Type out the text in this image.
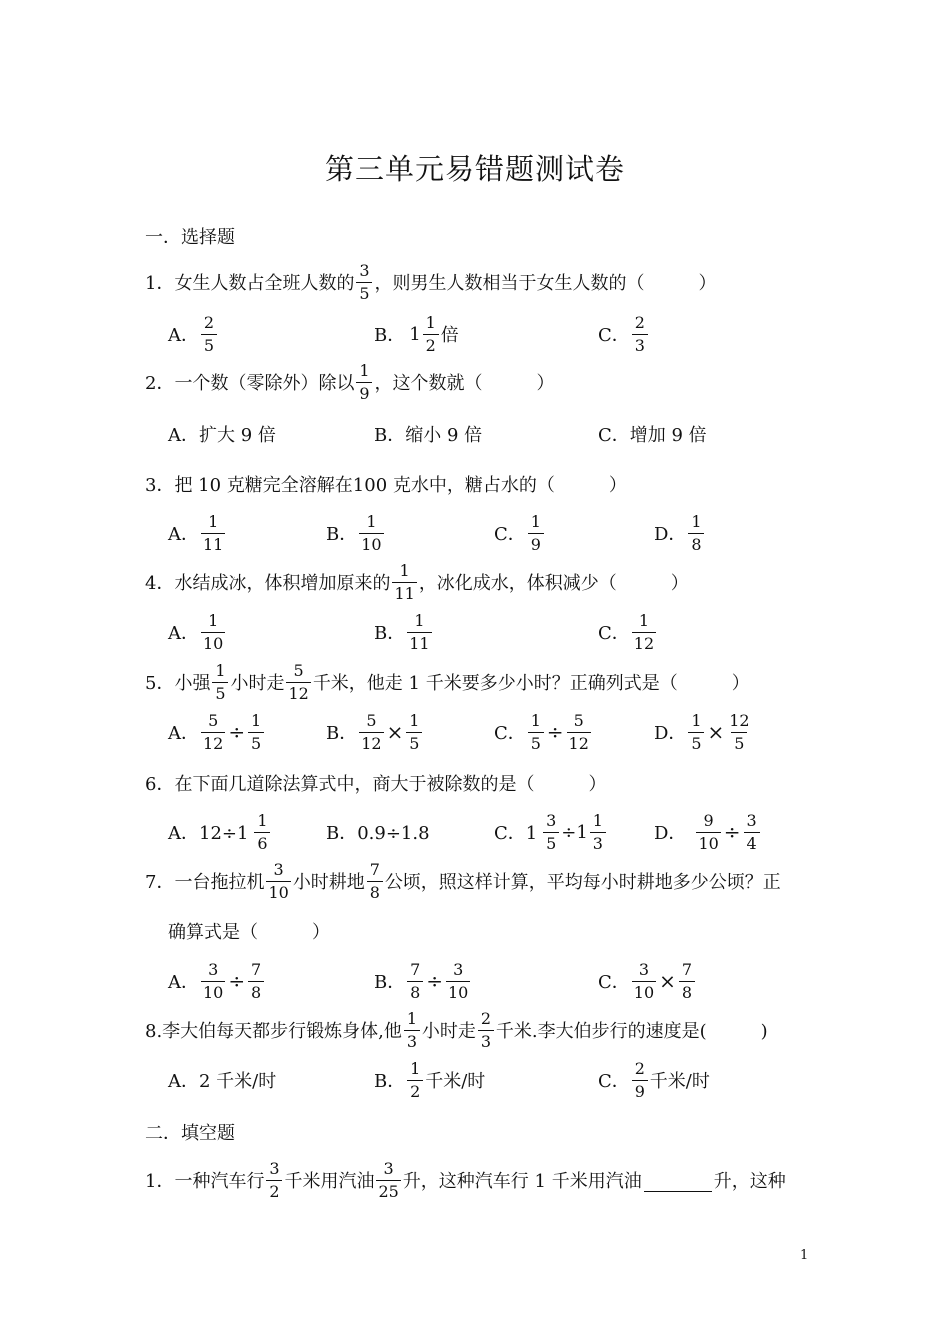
第三单元易错题测试卷
一．选择题
1．女生人数占全班人数的
3
5 ，则男生人数相当于女生人数的（　　　）
A．
2
5	B． 1
1
2 倍	C．
2
3
2．一个数（零除外）除以
1
9 ，这个数就（　　　）
A．扩大 9 倍	B．缩小 9 倍	C．增加 9 倍
3．把 10 克糖完全溶解在100 克水中，糖占水的（　　　）
A．
1
11	B．
1
10	C．
1
9	D．
1
8
4．水结成冰，体积增加原来的
1
11 ，冰化成水，体积减少（　　　）
A．
1
10	B．
1
11	C．
1
12
5．小强
1
5 小时走
5
12 千米，他走 1 千米要多少小时？正确列式是（　　　）
A． $\frac{5}{12} \div \frac{1}{5}$	B． $\frac{5}{12} \times \frac{1}{5}$	C． $\frac{1}{5} \div \frac{5}{12}$	D． $\frac{1}{5} \times \frac{12}{5}$
6．在下面几道除法算式中，商大于被除数的是（　　　）
A．12÷1
1
6	B．0.9÷1.8	C．$1 \frac{3}{5} \div 1$
1
3	D． $\frac{9}{10} \div \frac{3}{4}$
7．一台拖拉机
3
10 小时耕地
7
8 公顷，照这样计算，平均每小时耕地多少公顷？正
确算式是（　　　）
A． $\frac{3}{10} \div \frac{7}{8}$	B． $\frac{7}{8} \div \frac{3}{10}$	C． $\frac{3}{10} \times \frac{7}{8}$
8.李大伯每天都步行锻炼身体,他
1
3 小时走
2
3 千米.李大伯步行的速度是(　　　)
A．2 千米/时	B．
1
2 千米/时	C．
2
9 千米/时
二．填空题
1．一种汽车行
3
2 千米用汽油
3
25 升，这种汽车行 1 千米用汽油	升，这种
1
